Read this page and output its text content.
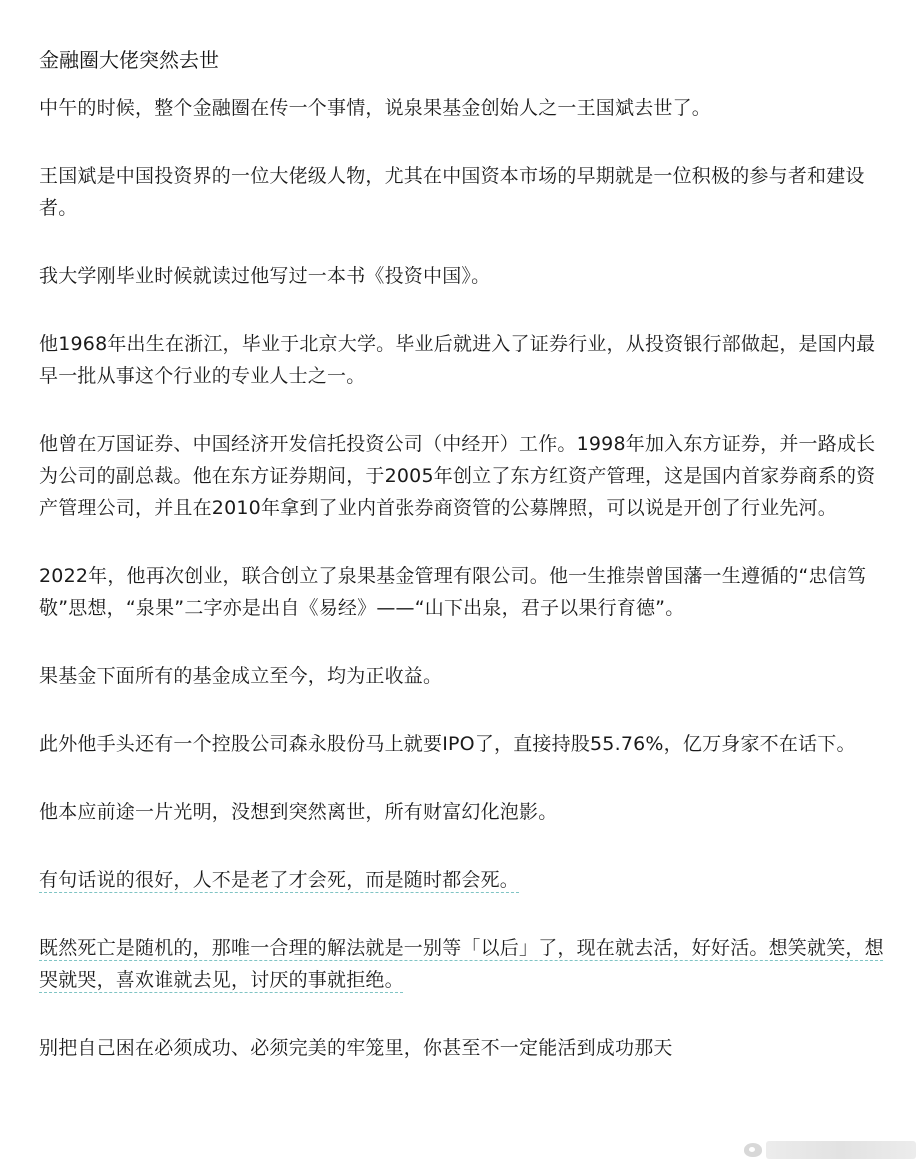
金融圈大佬突然去世

中午的时候，整个金融圈在传一个事情，说泉果基金创始人之一王国斌去世了。

王国斌是中国投资界的一位大佬级人物，尤其在中国资本市场的早期就是一位积极的参与者和建设者。

我大学刚毕业时候就读过他写过一本书《投资中国》。

他1968年出生在浙江，毕业于北京大学。毕业后就进入了证券行业，从投资银行部做起，是国内最早一批从事这个行业的专业人士之一。

他曾在万国证券、中国经济开发信托投资公司（中经开）工作。1998年加入东方证券，并一路成长为公司的副总裁。他在东方证券期间，于2005年创立了东方红资产管理，这是国内首家券商系的资产管理公司，并且在2010年拿到了业内首张券商资管的公募牌照，可以说是开创了行业先河。

2022年，他再次创业，联合创立了泉果基金管理有限公司。他一生推崇曾国藩一生遵循的“忠信笃敬”思想，“泉果”二字亦是出自《易经》——“山下出泉，君子以果行育德”。

果基金下面所有的基金成立至今，均为正收益。

此外他手头还有一个控股公司森永股份马上就要IPO了，直接持股55.76%，亿万身家不在话下。

他本应前途一片光明，没想到突然离世，所有财富幻化泡影。

有句话说的很好，人不是老了才会死，而是随时都会死。

既然死亡是随机的，那唯一合理的解法就是一别等「以后」了，现在就去活，好好活。想笑就笑，想哭就哭，喜欢谁就去见，讨厌的事就拒绝。

别把自己困在必须成功、必须完美的牢笼里，你甚至不一定能活到成功那天
